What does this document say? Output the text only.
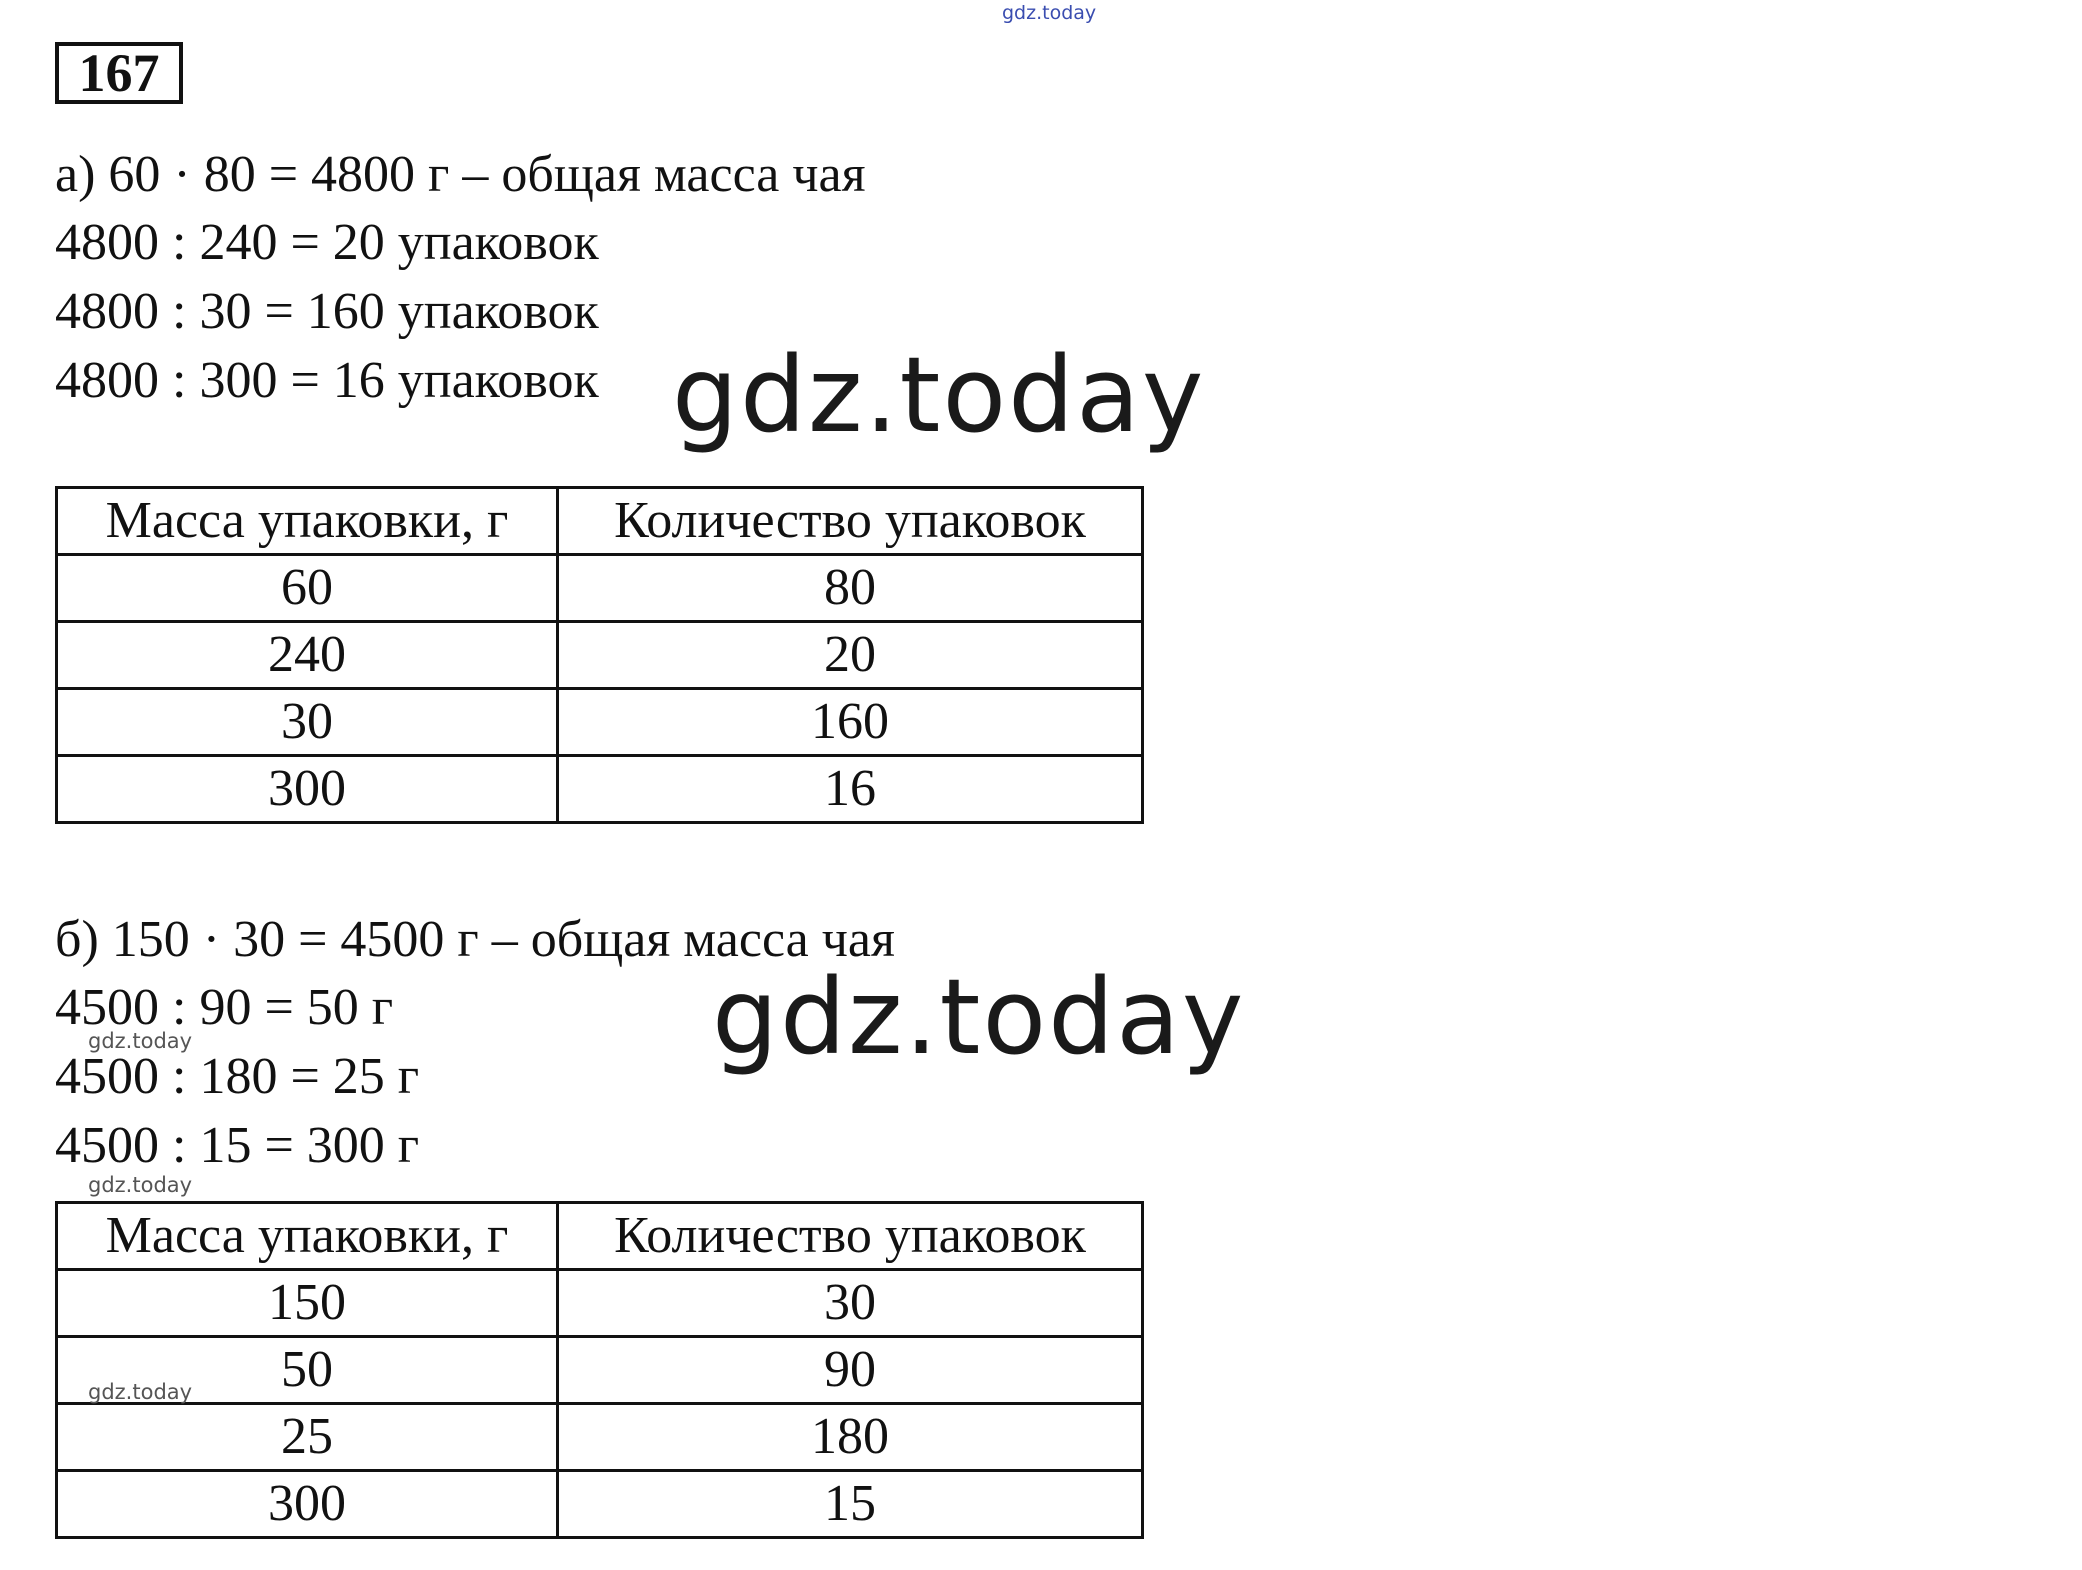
gdz.today
167
а) 60 · 80 = 4800 г – общая масса чая
4800 : 240 = 20 упаковок
4800 : 30 = 160 упаковок
4800 : 300 = 16 упаковок gdz.today
Масса упаковки, г	Количество упаковок
60	80
240	20
30	160
300	16
б) 150 · 30 = 4500 г – общая масса чая
4500 : 90 = 50 г
4500 : 180 = 25 г
4500 : 15 = 300 г
gdz.today
gdz.today
gdz.today
Масса упаковки, г	Количество упаковок
150	30
50	90
25	180
300	15
gdz.today
